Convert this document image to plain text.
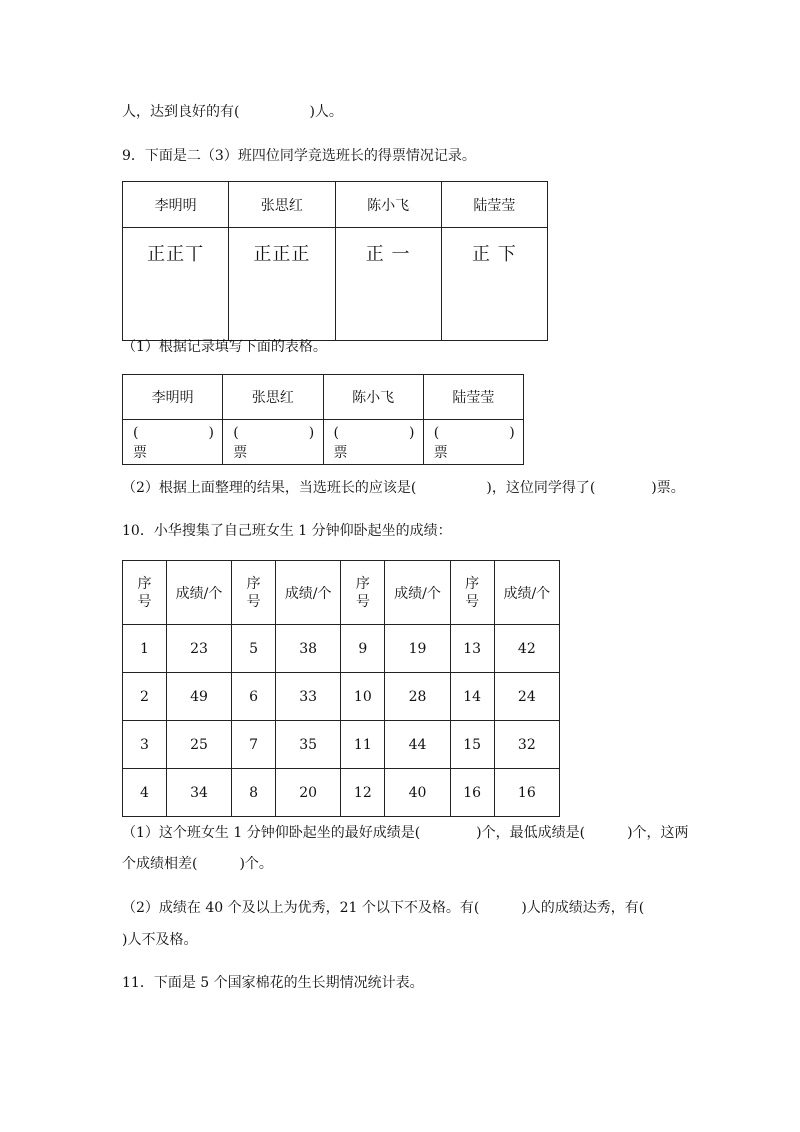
人，达到良好的有(　　　　　)人。
9．下面是二（3）班四位同学竞选班长的得票情况记录。
李明明	张思红	陈小飞	陆莹莹
正正丅	正正正	正 一	正 下
（1）根据记录填写下面的表格。
李明明	张思红	陈小飞	陆莹莹
(　　　　　)票	(　　　　　)票	(　　　　　)票	(　　　　　)票
（2）根据上面整理的结果，当选班长的应该是(　　　　　)，这位同学得了(　　　　)票。
10．小华搜集了自己班女生 1 分钟仰卧起坐的成绩：
序号	成绩/个	序号	成绩/个	序号	成绩/个	序号	成绩/个
1	23	5	38	9	19	13	42
2	49	6	33	10	28	14	24
3	25	7	35	11	44	15	32
4	34	8	20	12	40	16	16
（1）这个班女生 1 分钟仰卧起坐的最好成绩是(　　　　)个，最低成绩是(　　　)个，这两
个成绩相差(　　　)个。
（2）成绩在 40 个及以上为优秀，21 个以下不及格。有(　　　)人的成绩达秀，有(
)人不及格。
11．下面是 5 个国家棉花的生长期情况统计表。
